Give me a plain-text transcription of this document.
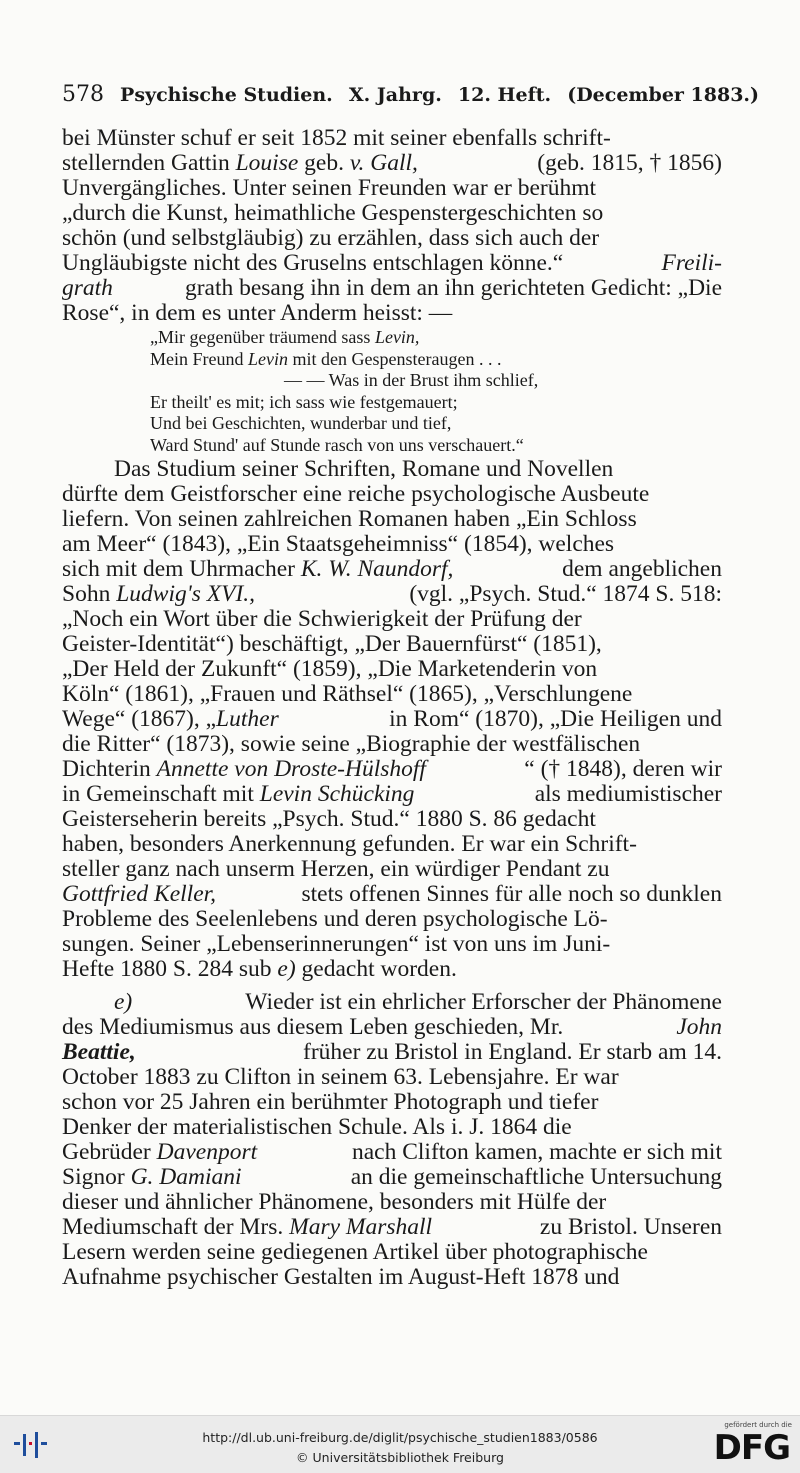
578 Psychische Studien. X. Jahrg. 12. Heft. (December 1883.)
bei Münster schuf er seit 1852 mit seiner ebenfalls schrift-
stellernden Gattin Louise geb. v. Gall,	(geb. 1815, † 1856)
Unvergängliches. Unter seinen Freunden war er berühmt
„durch die Kunst, heimathliche Gespenstergeschichten so
schön (und selbstgläubig) zu erzählen, dass sich auch der
Ungläubigste nicht des Gruselns entschlagen könne.“	Freili-
grath	grath besang ihn in dem an ihn gerichteten Gedicht: „Die
Rose“, in dem es unter Anderm heisst: —
„Mir gegenüber träumend sass Levin,
Mein Freund Levin mit den Gespensteraugen . . .
— — Was in der Brust ihm schlief,
Er theilt' es mit; ich sass wie festgemauert;
Und bei Geschichten, wunderbar und tief,
Ward Stund' auf Stunde rasch von uns verschauert.“
Das Studium seiner Schriften, Romane und Novellen
dürfte dem Geistforscher eine reiche psychologische Ausbeute
liefern. Von seinen zahlreichen Romanen haben „Ein Schloss
am Meer“ (1843), „Ein Staatsgeheimniss“ (1854), welches
sich mit dem Uhrmacher K. W. Naundorf,	dem angeblichen
Sohn Ludwig's XVI.,	(vgl. „Psych. Stud.“ 1874 S. 518:
„Noch ein Wort über die Schwierigkeit der Prüfung der
Geister-Identität“) beschäftigt, „Der Bauernfürst“ (1851),
„Der Held der Zukunft“ (1859), „Die Marketenderin von
Köln“ (1861), „Frauen und Räthsel“ (1865), „Verschlungene
Wege“ (1867), „Luther	in Rom“ (1870), „Die Heiligen und
die Ritter“ (1873), sowie seine „Biographie der westfälischen
Dichterin Annette von Droste-Hülshoff	“ († 1848), deren wir
in Gemeinschaft mit Levin Schücking	als mediumistischer
Geisterseherin bereits „Psych. Stud.“ 1880 S. 86 gedacht
haben, besonders Anerkennung gefunden. Er war ein Schrift-
steller ganz nach unserm Herzen, ein würdiger Pendant zu
Gottfried Keller,	stets offenen Sinnes für alle noch so dunklen
Probleme des Seelenlebens und deren psychologische Lö-
sungen. Seiner „Lebenserinnerungen“ ist von uns im Juni-
Hefte 1880 S. 284 sub e) gedacht worden.
e)	Wieder ist ein ehrlicher Erforscher der Phänomene
des Mediumismus aus diesem Leben geschieden, Mr.	John
Beattie,	früher zu Bristol in England. Er starb am 14.
October 1883 zu Clifton in seinem 63. Lebensjahre. Er war
schon vor 25 Jahren ein berühmter Photograph und tiefer
Denker der materialistischen Schule. Als i. J. 1864 die
Gebrüder Davenport	nach Clifton kamen, machte er sich mit
Signor G. Damiani	an die gemeinschaftliche Untersuchung
dieser und ähnlicher Phänomene, besonders mit Hülfe der
Mediumschaft der Mrs. Mary Marshall	zu Bristol. Unseren
Lesern werden seine gediegenen Artikel über photographische
Aufnahme psychischer Gestalten im August-Heft 1878 und
http://dl.ub.uni-freiburg.de/diglit/psychische_studien1883/0586
© Universitätsbibliothek Freiburg
gefördert durch die
DFG
